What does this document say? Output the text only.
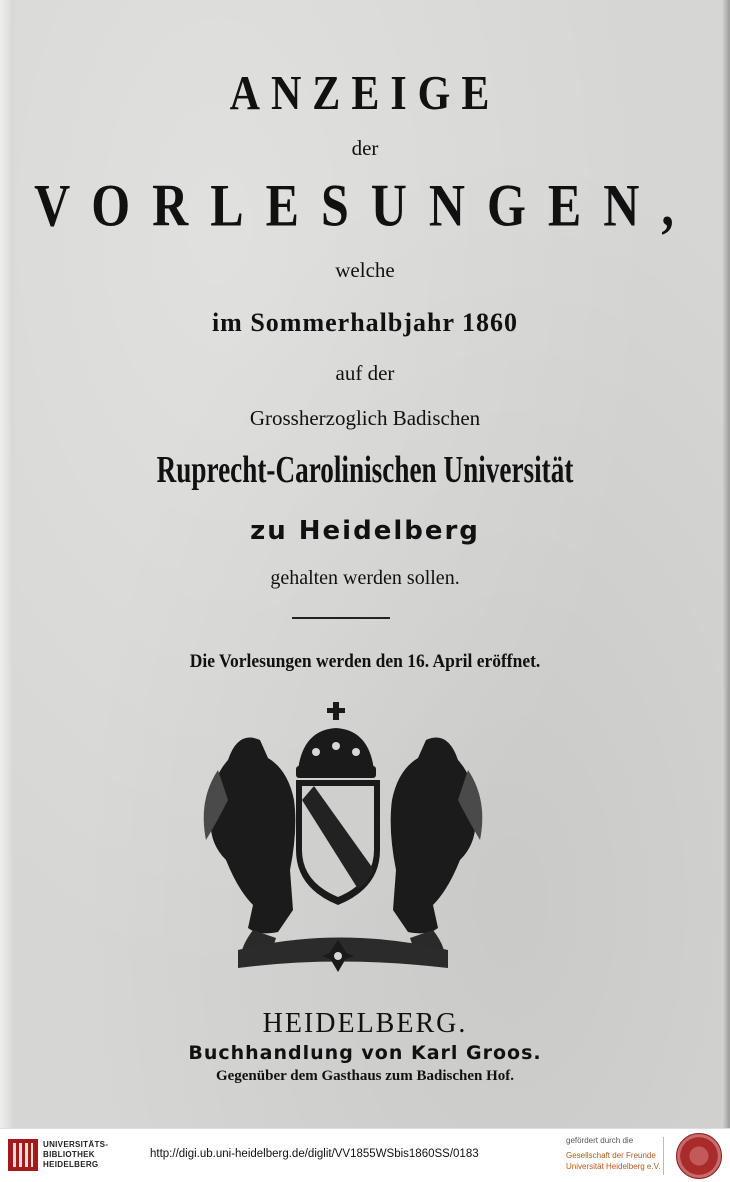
ANZEIGE
der
VORLESUNGEN,
welche
im Sommerhalbjahr 1860
auf der
Grossherzoglich Badischen
Ruprecht-Carolinischen Universität
zu Heidelberg
gehalten werden sollen.
Die Vorlesungen werden den 16. April eröffnet.
HEIDELBERG.
Buchhandlung von Karl Groos.
Gegenüber dem Gasthaus zum Badischen Hof.
UNIVERSITÄTS-
BIBLIOTHEK
HEIDELBERG
http://digi.ub.uni-heidelberg.de/diglit/VV1855WSbis1860SS/0183
gefördert durch die
Gesellschaft der Freunde
Universität Heidelberg e.V.
